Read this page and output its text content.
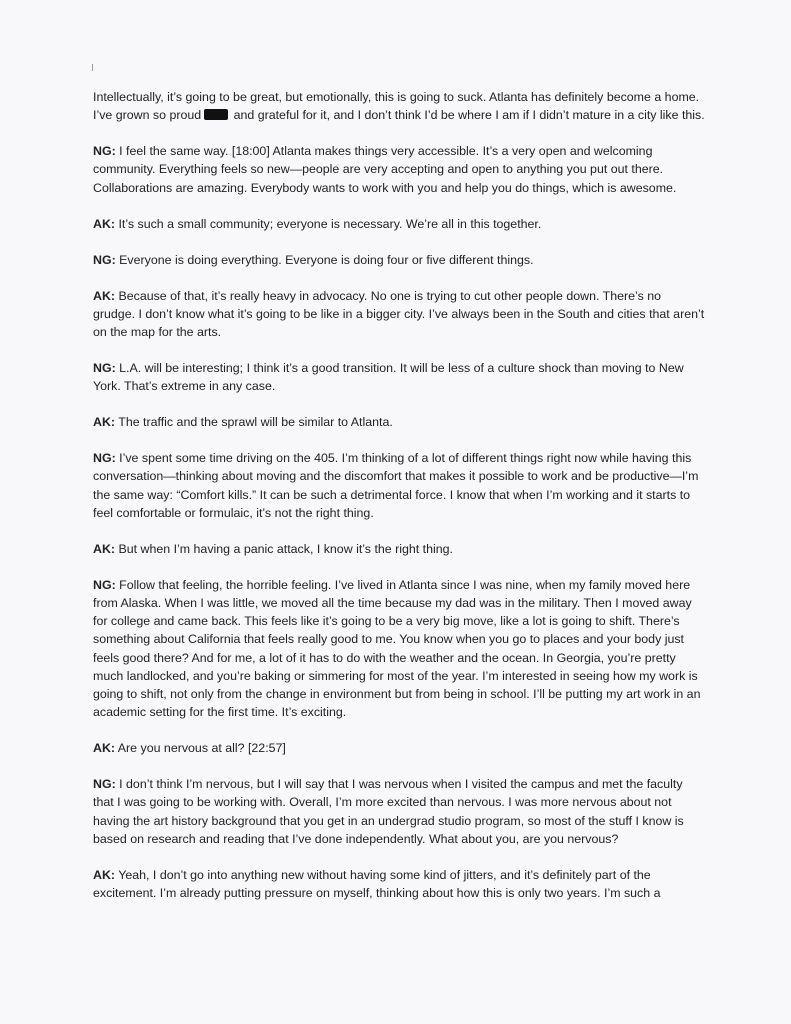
Intellectually, it’s going to be great, but emotionally, this is going to suck. Atlanta has definitely become a home. I’ve grown so proud and grateful for it, and I don’t think I’d be where I am if I didn’t mature in a city like this.

NG: I feel the same way. [18:00] Atlanta makes things very accessible. It’s a very open and welcoming community. Everything feels so new—people are very accepting and open to anything you put out there. Collaborations are amazing. Everybody wants to work with you and help you do things, which is awesome.

AK: It’s such a small community; everyone is necessary. We’re all in this together.

NG: Everyone is doing everything. Everyone is doing four or five different things.

AK: Because of that, it’s really heavy in advocacy. No one is trying to cut other people down. There’s no grudge. I don’t know what it’s going to be like in a bigger city. I’ve always been in the South and cities that aren’t on the map for the arts.

NG: L.A. will be interesting; I think it’s a good transition. It will be less of a culture shock than moving to New York. That’s extreme in any case.

AK: The traffic and the sprawl will be similar to Atlanta.

NG: I’ve spent some time driving on the 405. I’m thinking of a lot of different things right now while having this conversation—thinking about moving and the discomfort that makes it possible to work and be productive—I’m the same way: “Comfort kills.” It can be such a detrimental force. I know that when I’m working and it starts to feel comfortable or formulaic, it’s not the right thing.

AK: But when I’m having a panic attack, I know it’s the right thing.

NG: Follow that feeling, the horrible feeling. I’ve lived in Atlanta since I was nine, when my family moved here from Alaska. When I was little, we moved all the time because my dad was in the military. Then I moved away for college and came back. This feels like it’s going to be a very big move, like a lot is going to shift. There’s something about California that feels really good to me. You know when you go to places and your body just feels good there? And for me, a lot of it has to do with the weather and the ocean. In Georgia, you’re pretty much landlocked, and you’re baking or simmering for most of the year. I’m interested in seeing how my work is going to shift, not only from the change in environment but from being in school. I’ll be putting my art work in an academic setting for the first time. It’s exciting.

AK: Are you nervous at all? [22:57]

NG: I don’t think I’m nervous, but I will say that I was nervous when I visited the campus and met the faculty that I was going to be working with. Overall, I’m more excited than nervous. I was more nervous about not having the art history background that you get in an undergrad studio program, so most of the stuff I know is based on research and reading that I’ve done independently. What about you, are you nervous?

AK: Yeah, I don’t go into anything new without having some kind of jitters, and it’s definitely part of the excitement. I’m already putting pressure on myself, thinking about how this is only two years. I’m such a
